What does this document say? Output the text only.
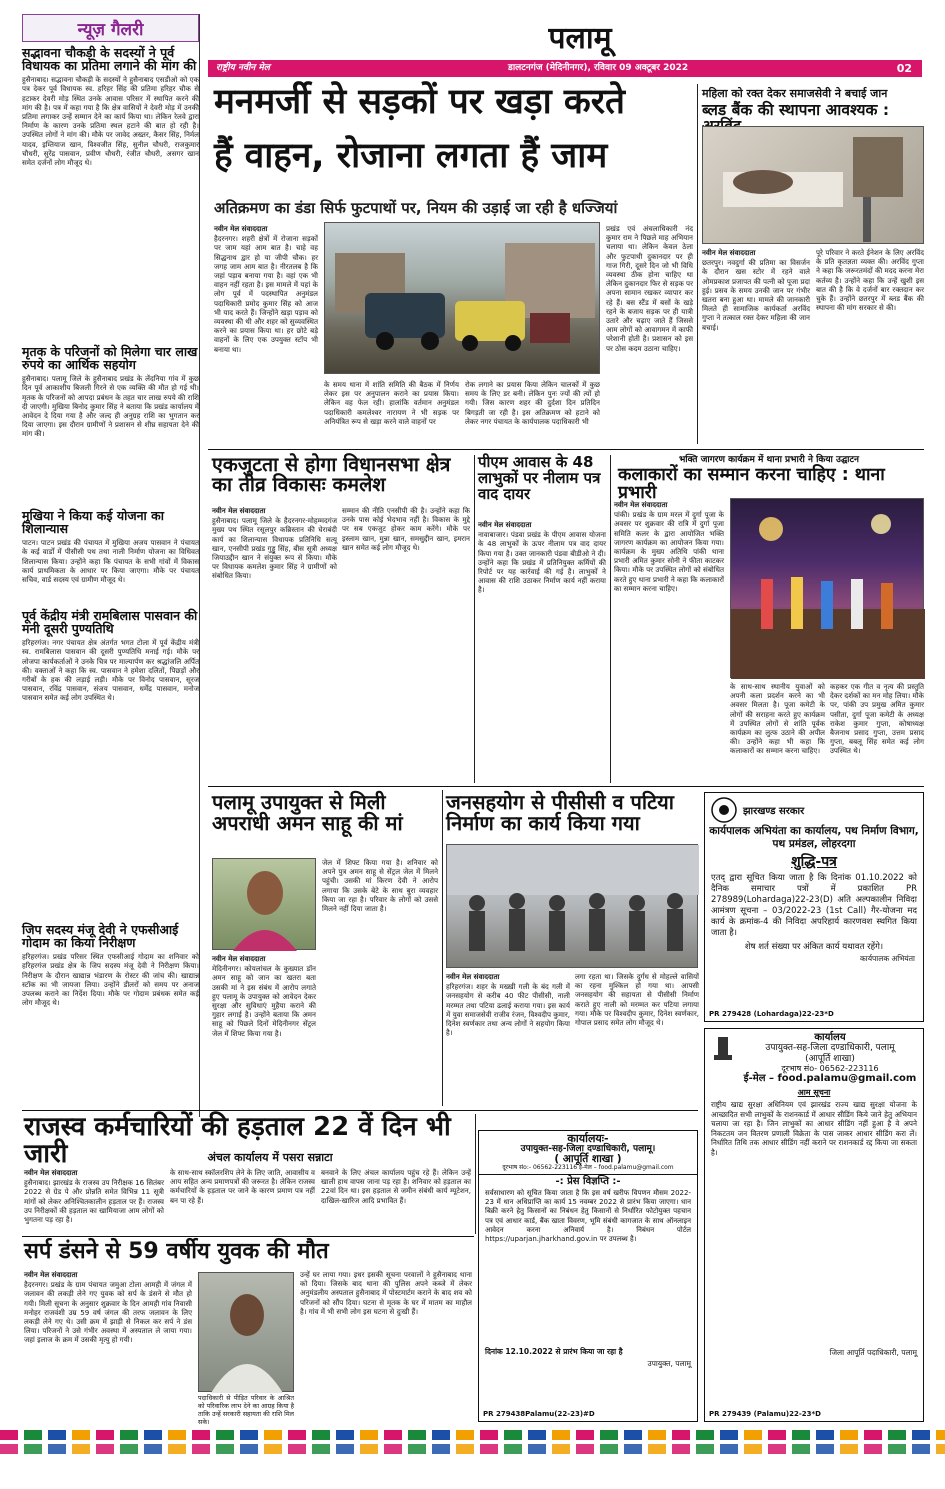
न्यूज़ गैलरी
सद्भावना चौकड़ी के सदस्यों ने पूर्व विधायक का प्रतिमा लगाने की मांग की
हुसैनाबाद। सद्भावना चौकड़ी के सदस्यों ने हुसैनाबाद एसडीओ को एक पत्र देकर पूर्व विधायक स्व. हरिहर सिंह की प्रतिमा हरिहर चौक से हटाकर देवरी मोड़ स्थित उनके आवास परिसर में स्थापित करने की मांग की है। पत्र में कहा गया है कि क्षेत्र वासियों ने देवरी मोड़ में उनकी प्रतिमा लगाकर उन्हें सम्मान देने का कार्य किया था। लेकिन रेलवे द्वारा निर्माण के कारण उनके प्रतिमा स्थल हटाने की बात हो रही है। उपस्थित लोगों ने मांग की। मौके पर जावेद अख्तर, कैसर सिंह, निर्मल यादव, इम्तियाज खान, विश्वजीत सिंह, सुनील चौधरी, राजकुमार चौधरी, सुरेंद्र पासवान, प्रवीण चौधरी, रंजीत चौधरी, असगर खान समेत दर्जनों लोग मौजूद थे।
मृतक के परिजनों को मिलेगा चार लाख रुपये का आर्थिक सहयोग
हुसैनाबाद। पलामू जिले के हुसैनाबाद प्रखंड के लेंदनिया गांव में कुछ दिन पूर्व आकाशीय बिजली गिरने से एक व्यक्ति की मौत हो गई थी। मृतक के परिजनों को आपदा प्रबंधन के तहत चार लाख रुपये की राशि दी जाएगी। मुखिया बिनोद कुमार सिंह ने बताया कि प्रखंड कार्यालय में आवेदन दे दिया गया है और जल्द ही अनुग्रह राशि का भुगतान कर दिया जाएगा। इस दौरान ग्रामीणों ने प्रशासन से शीघ्र सहायता देने की मांग की।
मुखिया ने किया कई योजना का शिलान्यास
पाटन। पाटन प्रखंड की पंचायत में मुखिया अजय पासवान ने पंचायत के कई वार्डों में पीसीसी पथ तथा नाली निर्माण योजना का विधिवत शिलान्यास किया। उन्होंने कहा कि पंचायत के सभी गांवों में विकास कार्य प्राथमिकता के आधार पर किया जाएगा। मौके पर पंचायत सचिव, वार्ड सदस्य एवं ग्रामीण मौजूद थे।
पूर्व केंद्रीय मंत्री रामबिलास पासवान की मनी दूसरी पुण्यतिथि
हरिहरगंज। नगर पंचायत क्षेत्र अंतर्गत भगत टोला में पूर्व केंद्रीय मंत्री स्व. रामबिलास पासवान की दूसरी पुण्यतिथि मनाई गई। मौके पर लोजपा कार्यकर्ताओं ने उनके चित्र पर माल्यार्पण कर श्रद्धांजलि अर्पित की। वक्ताओं ने कहा कि स्व. पासवान ने हमेशा दलितों, पिछड़ों और गरीबों के हक की लड़ाई लड़ी। मौके पर विनोद पासवान, सूरज पासवान, रविंद्र पासवान, संजय पासवान, धर्मेंद्र पासवान, मनोज पासवान समेत कई लोग उपस्थित थे।
जिप सदस्य मंजू देवी ने एफसीआई गोदाम का किया निरीक्षण
हरिहरगंज। प्रखंड परिसर स्थित एफसीआई गोदाम का शनिवार को हरिहरगंज प्रखंड क्षेत्र के जिप सदस्य मंजू देवी ने निरीक्षण किया। निरीक्षण के दौरान खाद्यान्न भंडारण के रोस्टर की जांच की। खाद्यान्न स्टॉक का भी जायजा लिया। उन्होंने डीलरों को समय पर अनाज उपलब्ध कराने का निर्देश दिया। मौके पर गोदाम प्रबंधक समेत कई लोग मौजूद थे।
पलामू
राष्ट्रीय नवीन मेल	डालटनगंज (मेदिनीनगर), रविवार 09 अक्टूबर 2022	02
मनमर्जी से सड़कों पर खड़ा करते
हैं वाहन, रोजाना लगता हैं जाम
अतिक्रमण का डंडा सिर्फ फुटपाथों पर, नियम की उड़ाई जा रही है धज्जियां
नवीन मेल संवाददाता
हैदरनगर। शहरी क्षेत्रों में रोजाना सड़कों पर जाम यहां आम बात है। चाहे वह सिद्धनाथ द्वार हो या जीपी चौक। हर जगह जाम आम बात है। नीरतलब है कि जहां पड़ाव बनाया गया है। वहां एक भी वाहन नहीं रहता है। इस मामले में यहां के लोग पूर्व में पदस्थापित अनुमंडल पदाधिकारी प्रमोद कुमार सिंह को आज भी याद करते हैं। जिन्होंने खड़ा पड़ाव को व्यवस्था की थी और शहर को सुव्यवस्थित करने का प्रयास किया था। हर छोटे बड़े वाहनों के लिए एक उपयुक्त स्टॉप भी बनाया था।
के समय थाना में शांति समिति की बैठक में निर्णय लेकर इस पर अनुपालन कराने का प्रयास किया। लेकिन वह फेल रही। हालांकि वर्तमान अनुमंडल पदाधिकारी कमलेश्वर नारायण ने भी सड़क पर अनियंत्रित रूप से खड़ा करने वाले वाहनों पर
रोक लगाने का प्रयास किया लेकिन चालकों में कुछ समय के लिए डर बनी। लेकिन पुनः ज्यों की त्यों हो गयी। जिस कारण शहर की दुर्दशा दिन प्रतिदिन बिगड़ती जा रही है। इस अतिक्रमण को हटाने को लेकर नगर पंचायत के कार्यपालक पदाधिकारी भी
प्रखंड एवं अंचलाधिकारी नंद कुमार राम ने पिछले माह अभियान चलाया था। लेकिन केवल ठेला और फुटपाथी दुकानदार पर ही गाज गिरी, दूसरे दिन जो भी विधि व्यवस्था ठीक होना चाहिए था लेकिन दुकानदार फिर से सड़क पर अपना सामान रखकर व्यापार कर रहे हैं। बस स्टैंड में बसों के खड़े रहने के बजाय सड़क पर ही यात्री उतारे और चढ़ाए जाते हैं जिससे आम लोगों को आवागमन में काफी परेशानी होती है। प्रशासन को इस पर ठोस कदम उठाना चाहिए।
महिला को रक्त देकर समाजसेवी ने बचाई जान
ब्लड बैंक की स्थापना आवश्यक :
नवीन मेल संवाददाता
छतरपुर। नवदुर्गा की प्रतिमा का विसर्जन के दौरान खस स्टोर में रहने वाले ओमप्रकाश प्रजापत की पत्नी को पूजा प्रदा हुई। प्रसव के समय उनकी जान पर गंभीर खतरा बना हुआ था। मामले की जानकारी मिलते ही सामाजिक कार्यकर्ता अरविंद गुप्ता ने तत्काल रक्त देकर महिला की जान बचाई।
पूरे परिवार ने करते ईनेशन के लिए अरविंद के प्रति कृतज्ञता व्यक्त की। अरविंद गुप्ता ने कहा कि जरूरतमंदों की मदद करना मेरा कर्तव्य है। उन्होंने कहा कि उन्हें खुशी इस बात की है कि वे दर्जनों बार रक्तदान कर चुके हैं। उन्होंने छतरपुर में ब्लड बैंक की स्थापना की मांग सरकार से की।
एकजुटता से होगा विधानसभा क्षेत्र का तीव्र विकासः कमलेश
नवीन मेल संवाददाता
हुसैनाबाद। पलामू जिले के हैदरनगर-मोहम्मदगंज मुख्य पथ स्थित रसूलपुर कब्रिस्तान की घेराबंदी कार्य का शिलान्यास विधायक प्रतिनिधि सत्यू खान, एनसीपी प्रखंड गुड्डू सिंह, बीस सूत्री अध्यक्ष जियाउद्दीन खान ने संयुक्त रूप से किया। मौके पर विधायक कमलेश कुमार सिंह ने ग्रामीणों को संबोधित किया।
सम्मान की नीति एनसीपी की है। उन्होंने कहा कि उनके पास कोई भेदभाव नहीं है। विकास के मुद्दे पर सब एकजुट होकर काम करेंगे। मौके पर इस्लाम खान, मुन्ना खान, समसुद्दीन खान, इमरान खान समेत कई लोग मौजूद थे।
पीएम आवास के 48 लाभुकों पर नीलाम पत्र वाद दायर
नवीन मेल संवाददाता
नावाबाजार। पंडवा प्रखंड के पीएम आवास योजना के 48 लाभुकों के ऊपर नीलाम पत्र वाद दायर किया गया है। उक्त जानकारी पंडवा बीडीओ ने दी। उन्होंने कहा कि प्रखंड में प्रतिनियुक्त कर्मियों की रिपोर्ट पर यह कार्रवाई की गई है। लाभुकों ने आवास की राशि उठाकर निर्माण कार्य नहीं कराया है।
भक्ति जागरण कार्यक्रम में थाना प्रभारी ने किया उद्घाटन
कलाकारों का सम्मान करना चाहिए : थाना प्रभारी
नवीन मेल संवाददाता
पांकी। प्रखंड के ग्राम मरल में दुर्गा पूजा के अवसर पर शुक्रवार की रात्रि में दुर्गा पूजा समिति कलर के द्वारा आयोजित भक्ति जागरण कार्यक्रम का आयोजन किया गया। कार्यक्रम के मुख्य अतिथि पांकी थाना प्रभारी अमित कुमार सोनी ने फीता काटकर किया। मौके पर उपस्थित लोगों को संबोधित करते हुए थाना प्रभारी ने कहा कि कलाकारों का सम्मान करना चाहिए।
के साथ-साथ स्थानीय युवाओं को अपनी कला प्रदर्शन करने का भी अवसर मिलता है। पूजा कमेटी के लोगों की सराहना करते हुए कार्यक्रम में उपस्थित लोगों से शांति पूर्वक कार्यक्रम का लुत्फ उठाने की अपील की। उन्होंने कहा भी कहा कि कलाकारों का सम्मान करना चाहिए।
कहकर एक गीत व नृत्य की प्रस्तुति देकर दर्शकों का मन मोह लिया। मौके पर, पांकी उप प्रमुख अमित कुमार पसीता, दुर्गा पूजा कमेटी के अध्यक्ष राकेश कुमार गुप्ता, कोषाध्यक्ष बैजनाथ प्रसाद गुप्ता, उत्तम प्रसाद गुप्ता, बबलू सिंह समेत कई लोग उपस्थित थे।
पलामू उपायुक्त से मिली अपराधी अमन साहू की मां
नवीन मेल संवाददाता
मेदिनीनगर। कोयलांचल के कुख्यात डॉन अमन साहू को जान का खतरा बता उसकी मां ने इस संबंध में आरोप लगाते हुए पलामू के उपायुक्त को आवेदन देकर सुरक्षा और सुविधाएं मुहैया कराने की गुहार लगाई है। उन्होंने बताया कि अमन साहू को पिछले दिनों मेदिनीनगर सेंट्रल जेल में शिफ्ट किया गया है।
जेल में शिफ्ट किया गया है। शनिवार को अपने पुत्र अमन साहू से सेंट्रल जेल में मिलने पहुंची। उसकी मां किरण देवी ने आरोप लगाया कि उसके बेटे के साथ बुरा व्यवहार किया जा रहा है। परिवार के लोगों को उससे मिलने नहीं दिया जाता है।
जनसहयोग से पीसीसी व पटिया निर्माण का कार्य किया गया
नवीन मेल संवाददाता
हरिहरगंज। शहर के मख्खी गली के बंद गली में जनसहयोग से करीब 40 फीट पीसीसी, नाली मरम्मत तथा पटिया ढलाई कराया गया। इस कार्य में युवा समाजसेवी राजीव रंजन, विश्वदीप कुमार, दिनेश स्वर्णकार तथा अन्य लोगों ने सहयोग किया है।
लगा रहता था। जिसके दुर्गंध से मोहल्ले वासियों का रहना मुश्किल हो गया था। आपसी जनसहयोग की सहायता से पीसीसी निर्माण कराते हुए नाली को मरम्मत कर पटिया लगाया गया। मौके पर विश्वदीप कुमार, दिनेश स्वर्णकार, गोपाल प्रसाद समेत लोग मौजूद थे।
झारखण्ड सरकार
कार्यपालक अभियंता का कार्यालय, पथ निर्माण विभाग, पथ प्रमंडल, लोहरदगा
शुद्धि-पत्र
एतद् द्वारा सूचित किया जाता है कि दिनांक 01.10.2022 को दैनिक समाचार पत्रों में प्रकाशित PR 278989(Lohardaga)22-23(D) अति अल्पकालीन निविदा आमंत्रण सूचना – 03/2022-23 (1st Call) गैर-योजना मद कार्य के क्रमांक-4 की निविदा अपरिहार्य कारणवश स्थगित किया जाता है।
शेष शर्त संख्या पर अंकित कार्य यथावत रहेंगे।
कार्यपालक अभियंता
PR 279428 (Lohardaga)22-23*D
कार्यालय
उपायुक्त-सह-जिला दण्डाधिकारी, पलामू
(आपूर्ति शाखा)
दूरभाष संo- 06562-223116
ई-मेल – food.palamu@gmail.com
आम सूचना
राष्ट्रीय खाद्य सुरक्षा अधिनियम एवं झारखंड राज्य खाद्य सुरक्षा योजना के आच्छादित सभी लाभुकों के राशनकार्ड में आधार सीडिंग किये जाने हेतु अभियान चलाया जा रहा है। जिन लाभुकों का आधार सीडिंग नहीं हुआ है वे अपने निकटतम जन वितरण प्रणाली विक्रेता के पास जाकर आधार सीडिंग करा लें। निर्धारित तिथि तक आधार सीडिंग नहीं कराने पर राशनकार्ड रद्द किया जा सकता है।
जिला आपूर्ति पदाधिकारी, पलामू
PR 279439 (Palamu)22-23*D
राजस्व कर्मचारियों की हड़ताल 22 वें दिन भी जारी	अंचल कार्यालय में पसरा सन्नाटा
नवीन मेल संवाददाता
हुसैनाबाद। झारखंड के राजस्व उप निरीक्षक 16 सितंबर 2022 से ग्रेड पे और प्रोन्नति समेत विभिन्न 11 सूत्री मांगों को लेकर अनिश्चितकालीन हड़ताल पर हैं। राजस्व उप निरीक्षकों की हड़ताल का खामियाजा आम लोगों को भुगतना पड़ रहा है।
के साथ-साथ स्कॉलरशिप लेने के लिए जाति, आवासीय व आय सहित अन्य प्रमाणपत्रों की जरूरत है। लेकिन राजस्व कर्मचारियों के हड़ताल पर जाने के कारण प्रमाण पत्र नहीं बन पा रहे हैं।
बनवाने के लिए अंचल कार्यालय पहुंच रहे हैं। लेकिन उन्हें खाली हाथ वापस जाना पड़ रहा है। शनिवार को हड़ताल का 22वां दिन था। इस हड़ताल से जमीन संबंधी कार्य म्यूटेशन, दाखिल-खारिज आदि प्रभावित हैं।
कार्यालयः-
उपायुक्त-सह-जिला दण्डाधिकारी, पलामू।
( आपूर्ति शाखा )
दूरभाष संo:- 06562-223116 ई-मेल – food.palamu@gmail.com
-: प्रेस विज्ञप्ति :-
सर्वसाधारण को सूचित किया जाता है कि इस वर्ष खरीफ विपणन मौसम 2022-23 में धान अधिप्राप्ति का कार्य 15 नवम्बर 2022 से प्रारंभ किया जाएगा। धान बिक्री करने हेतु किसानों का निबंधन हेतु किसानों से निर्धारित फोटोयुक्त पहचान पत्र एवं आधार कार्ड, बैंक खाता विवरण, भूमि संबंधी कागजात के साथ ऑनलाइन आवेदन करना अनिवार्य है। निबंधन पोर्टल https://uparjan.jharkhand.gov.in पर उपलब्ध है।
दिनांक 12.10.2022 से प्रारंभ किया जा रहा है
उपायुक्त, पलामू
PR 279438Palamu(22-23)#D
सर्प डंसने से 59 वर्षीय युवक की मौत
नवीन मेल संवाददाता
हैदरनगर। प्रखंड के ग्राम पंचायत जमुआ टोला आमही में जंगल में जलावन की लकड़ी लेने गए युवक को सर्प के डंसने से मौत हो गयी। मिली सूचना के अनुसार शुक्रवार के दिन आमही गांव निवासी मनोहर राजवंशी उम्र 59 वर्ष जंगल की तरफ जलावन के लिए लकड़ी लेने गए थे। उसी क्रम में झाड़ी से निकल कर सर्प ने डंस लिया। परिजनों ने उसे गंभीर अवस्था में अस्पताल ले जाया गया। जहां इलाज के क्रम में उसकी मृत्यु हो गयी।
पदाधिकारी से पीड़ित परिवार के आश्रित को परिवारिक लाभ देने का आग्रह किया है ताकि उन्हें सरकारी सहायता की राशि मिल सके।
उन्हें घर लाया गया। इधर इसकी सूचना परवालों ने हुसैनाबाद थाना को दिया। जिसके बाद थाना की पुलिस अपने कब्जे में लेकर अनुमंडलीय अस्पताल हुसैनाबाद में पोस्टमार्टम कराने के बाद शव को परिजनों को सौंप दिया। घटना से मृतक के घर में मातम का माहौल है। गांव में भी सभी लोग इस घटना से दुःखी हैं।
